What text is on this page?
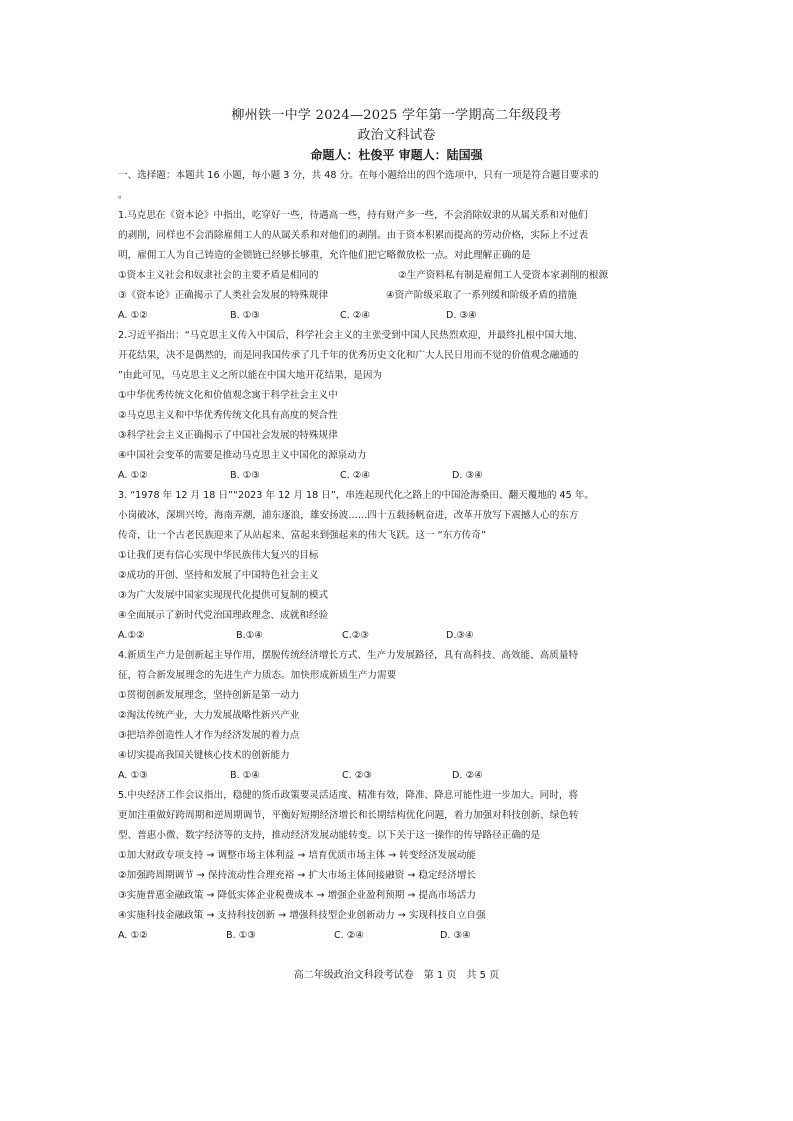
柳州铁一中学 2024—2025 学年第一学期高二年级段考
政治文科试卷
命题人：杜俊平 审题人：陆国强
一、选择题：本题共 16 小题，每小题 3 分，共 48 分。在每小题给出的四个选项中，只有一项是符合题目要求的
。
1.马克思在《资本论》中指出，吃穿好一些，待遇高一些，持有财产多一些，不会消除奴隶的从属关系和对他们
的剥削，同样也不会消除雇佣工人的从属关系和对他们的剥削。由于资本积累而提高的劳动价格，实际上不过表
明，雇佣工人为自己铸造的金锁链已经够长够重，允许他们把它略微放松一点。对此理解正确的是
①资本主义社会和奴隶社会的主要矛盾是相同的	②生产资料私有制是雇佣工人受资本家剥削的根源
③《资本论》正确揭示了人类社会发展的特殊规律	④资产阶级采取了一系列缓和阶级矛盾的措施
A. ①②	B. ①③	C. ②④	D. ③④
2.习近平指出：“马克思主义传入中国后，科学社会主义的主张受到中国人民热烈欢迎，并最终扎根中国大地、
开花结果，决不是偶然的，而是同我国传承了几千年的优秀历史文化和广大人民日用而不觉的价值观念融通的
”由此可见，马克思主义之所以能在中国大地开花结果，是因为
①中华优秀传统文化和价值观念寓于科学社会主义中
②马克思主义和中华优秀传统文化具有高度的契合性
③科学社会主义正确揭示了中国社会发展的特殊规律
④中国社会变革的需要是推动马克思主义中国化的源泉动力
A. ①②	B. ①③	C. ②④	D. ③④
3. “1978 年 12 月 18 日”“2023 年 12 月 18 日”，串连起现代化之路上的中国沧海桑田、翻天覆地的 45 年。
小岗破冰，深圳兴垮，海南弄潮，浦东逐浪，雄安扬波……四十五载扬帆奋进，改革开放写下震撼人心的东方
传奇，让一个古老民族迎来了从站起来、富起来到强起来的伟大飞跃。这一 “东方传奇”
①让我们更有信心实现中华民族伟大复兴的目标
②成功的开创、坚持和发展了中国特色社会主义
③为广大发展中国家实现现代化提供可复制的模式
④全面展示了新时代党治国理政理念、成就和经验
A.①②	B.①④	C.②③	D.③④
4.新质生产力是创新起主导作用，摆脱传统经济增长方式、生产力发展路径，具有高科技、高效能、高质量特
征，符合新发展理念的先进生产力质态。加快形成新质生产力需要
①贯彻创新发展理念，坚持创新是第一动力
②淘汰传统产业，大力发展战略性新兴产业
③把培养创造性人才作为经济发展的着力点
④切实提高我国关键核心技术的创新能力
A. ①③	B. ①④	C. ②③	D. ②④
5.中央经济工作会议指出，稳健的货币政策要灵活适度、精准有效，降准、降息可能性进一步加大。同时，将
更加注重做好跨周期和逆周期调节，平衡好短期经济增长和长期结构优化问题，着力加强对科技创新、绿色转
型、普惠小微、数字经济等的支持，推动经济发展动能转变。以下关于这一操作的传导路径正确的是
①加大财政专项支持 → 调整市场主体利益 → 培育优质市场主体 → 转变经济发展动能
②加强跨周期调节 → 保持流动性合理充裕 → 扩大市场主体间接融资 → 稳定经济增长
③实施普惠金融政策 → 降低实体企业税费成本 → 增强企业盈利预期 → 提高市场活力
④实施科技金融政策 → 支持科技创新 → 增强科技型企业创新动力 → 实现科技自立自强
A. ①②	B. ①③	C. ②④	D. ③④
高二年级政治文科段考试卷　第 1 页　共 5 页
